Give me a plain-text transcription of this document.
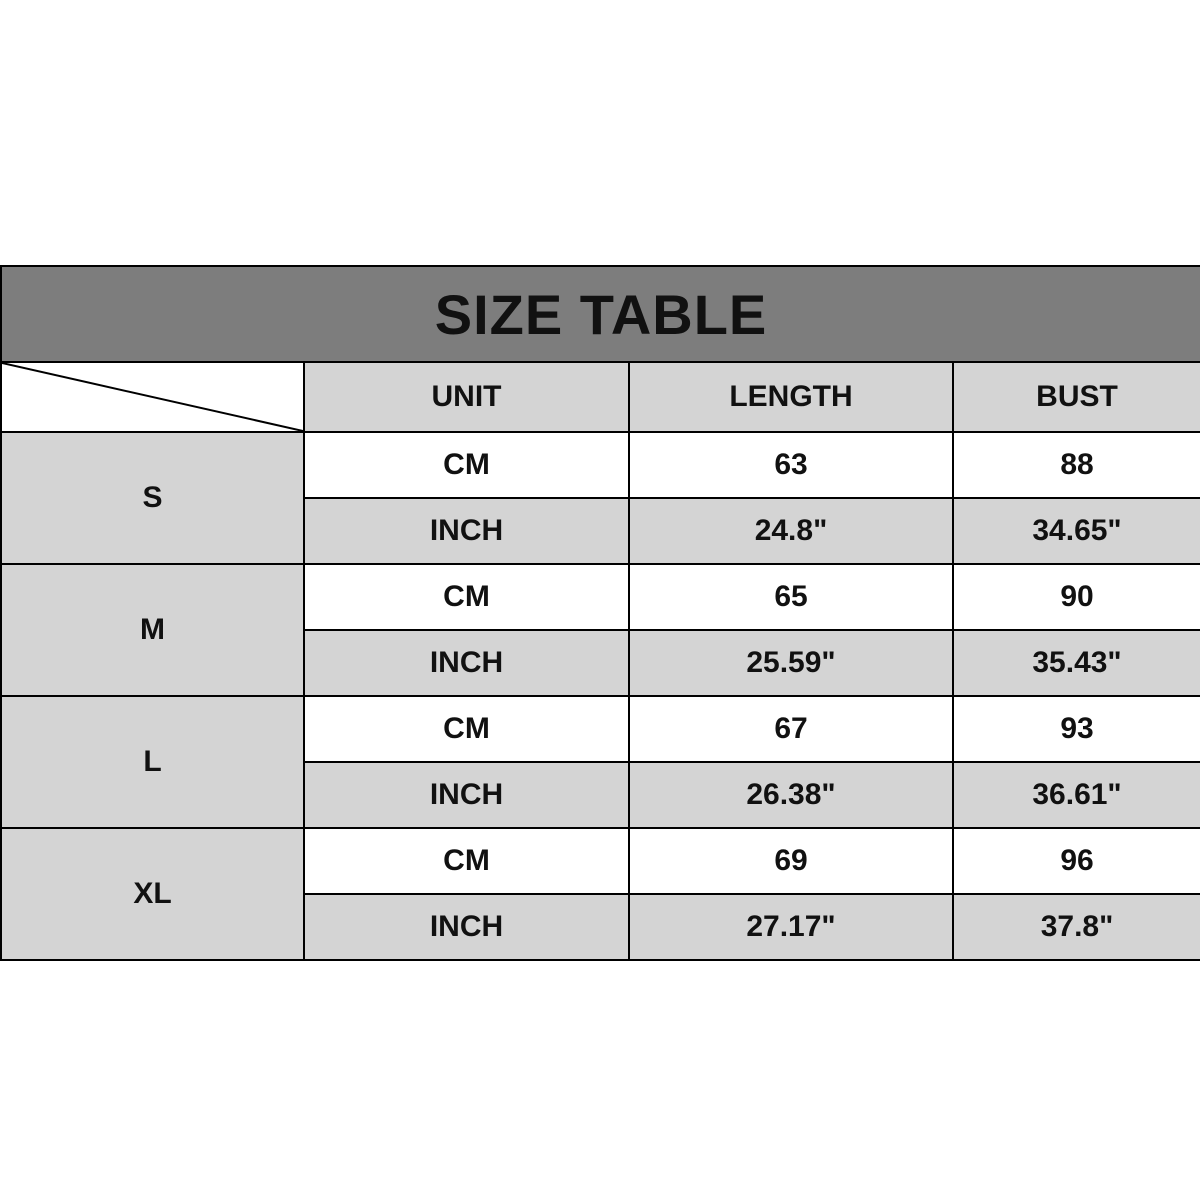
SIZE TABLE			

	UNIT	LENGTH	BUST
S	CM	63	88
	INCH	24.8"	34.65"
M	CM	65	90
	INCH	25.59"	35.43"
L	CM	67	93
	INCH	26.38"	36.61"
XL	CM	69	96
	INCH	27.17"	37.8"
